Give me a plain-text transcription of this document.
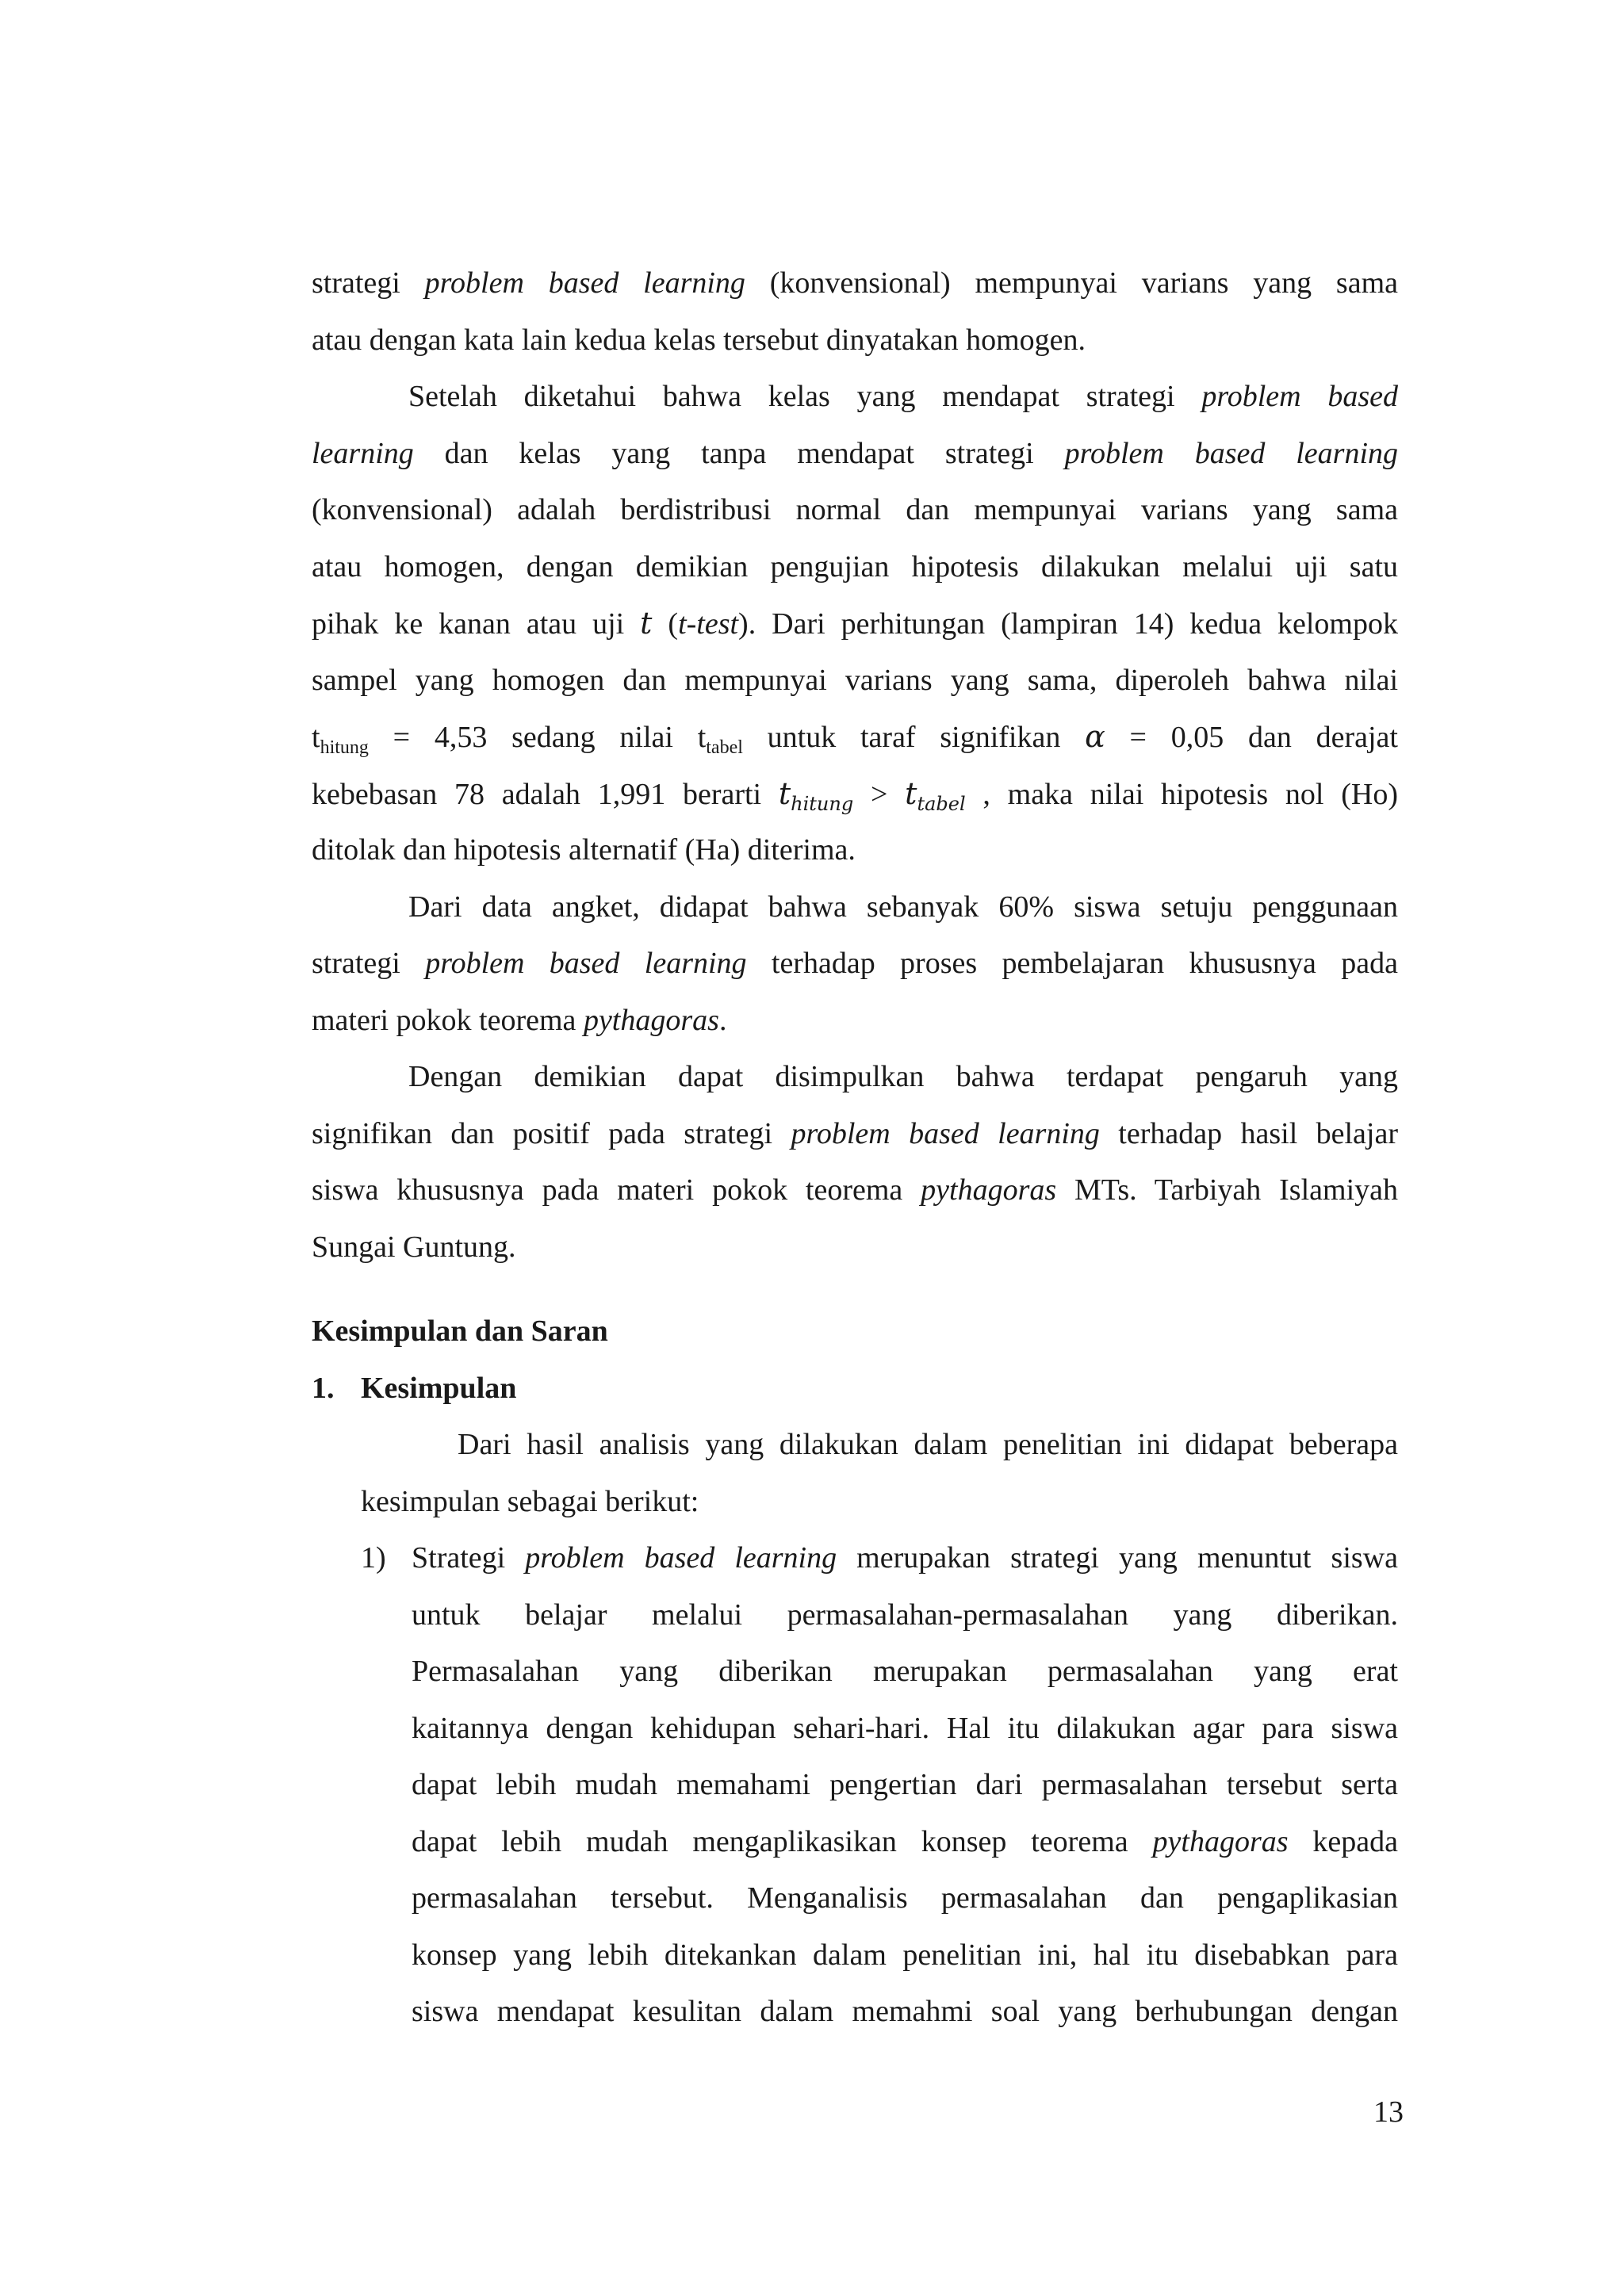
strategi problem based learning (konvensional) mempunyai varians yang sama
atau dengan kata lain kedua kelas tersebut dinyatakan homogen.
Setelah diketahui bahwa kelas yang mendapat strategi problem based
learning dan kelas yang tanpa mendapat strategi problem based learning
(konvensional) adalah berdistribusi normal dan mempunyai varians yang sama
atau homogen, dengan demikian pengujian hipotesis dilakukan melalui uji satu
pihak ke kanan atau uji t (t-test). Dari perhitungan (lampiran 14) kedua kelompok
sampel yang homogen dan mempunyai varians yang sama, diperoleh bahwa nilai
$t_{hitung} = 4,53$ sedang nilai $t_{tabel}$ untuk taraf signifikan α = 0,05 dan derajat
kebebasan 78 adalah 1,991 berarti $t_{hitung} > t_{tabel}$ , maka nilai hipotesis nol (Ho)
ditolak dan hipotesis alternatif (Ha) diterima.
Dari data angket, didapat bahwa sebanyak 60% siswa setuju penggunaan
strategi problem based learning terhadap proses pembelajaran khususnya pada
materi pokok teorema pythagoras.
Dengan demikian dapat disimpulkan bahwa terdapat pengaruh yang
signifikan dan positif pada strategi problem based learning terhadap hasil belajar
siswa khususnya pada materi pokok teorema pythagoras MTs. Tarbiyah Islamiyah
Sungai Guntung.
Kesimpulan dan Saran
1. Kesimpulan
Dari hasil analisis yang dilakukan dalam penelitian ini didapat beberapa
kesimpulan sebagai berikut:
1) Strategi problem based learning merupakan strategi yang menuntut siswa
untuk belajar melalui permasalahan-permasalahan yang diberikan.
Permasalahan yang diberikan merupakan permasalahan yang erat
kaitannya dengan kehidupan sehari-hari. Hal itu dilakukan agar para siswa
dapat lebih mudah memahami pengertian dari permasalahan tersebut serta
dapat lebih mudah mengaplikasikan konsep teorema pythagoras kepada
permasalahan tersebut. Menganalisis permasalahan dan pengaplikasian
konsep yang lebih ditekankan dalam penelitian ini, hal itu disebabkan para
siswa mendapat kesulitan dalam memahmi soal yang berhubungan dengan
13
